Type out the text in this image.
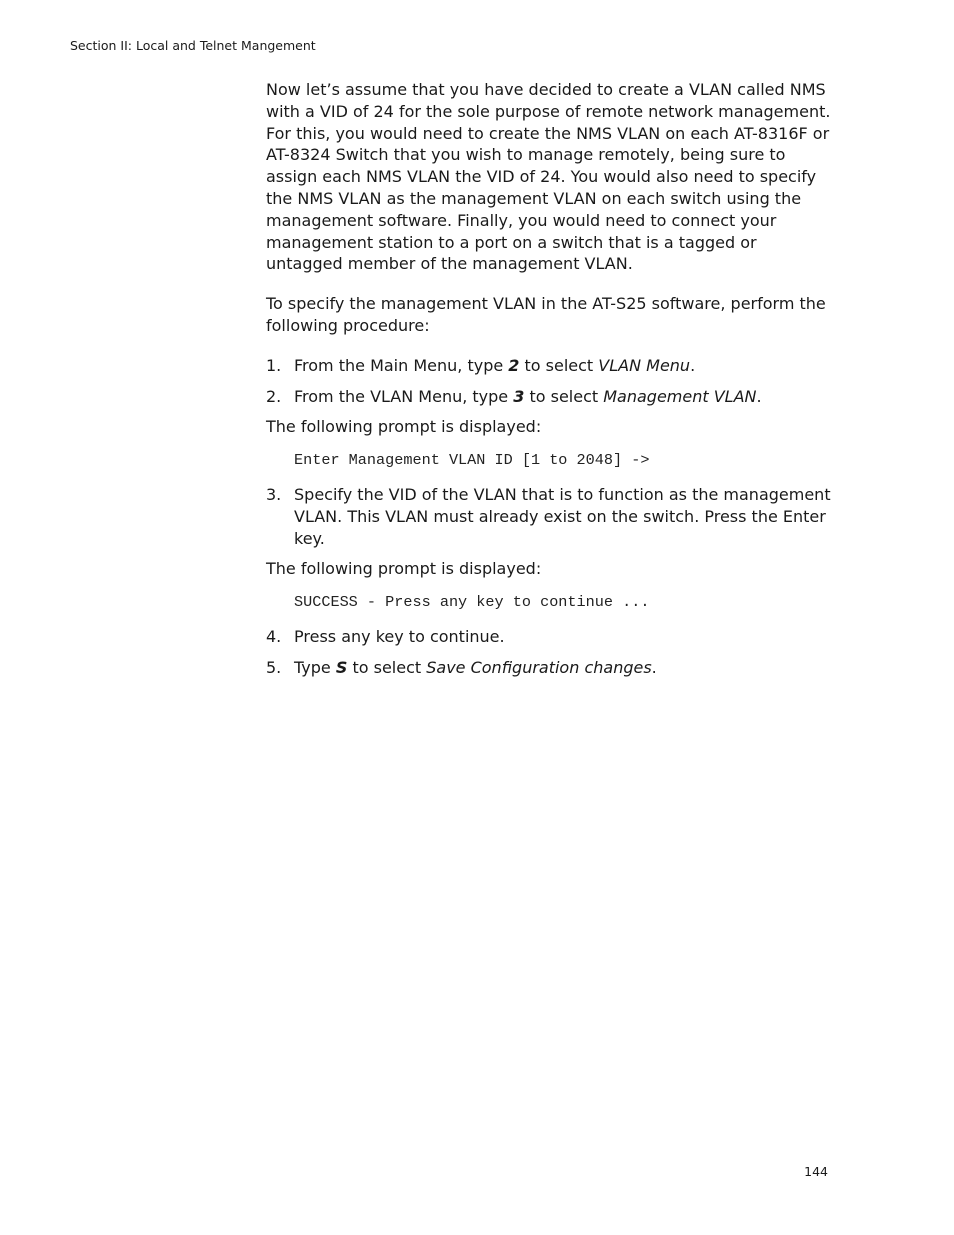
Section II: Local and Telnet Mangement

Now let’s assume that you have decided to create a VLAN called NMS with a VID of 24 for the sole purpose of remote network management. For this, you would need to create the NMS VLAN on each AT-8316F or AT-8324 Switch that you wish to manage remotely, being sure to assign each NMS VLAN the VID of 24. You would also need to specify the NMS VLAN as the management VLAN on each switch using the management software. Finally, you would need to connect your management station to a port on a switch that is a tagged or untagged member of the management VLAN.

To specify the management VLAN in the AT-S25 software, perform the following procedure:

1. From the Main Menu, type 2 to select VLAN Menu.
2. From the VLAN Menu, type 3 to select Management VLAN.

The following prompt is displayed:

Enter Management VLAN ID [1 to 2048] ->
3. Specify the VID of the VLAN that is to function as the management VLAN. This VLAN must already exist on the switch. Press the Enter key.

The following prompt is displayed:

SUCCESS - Press any key to continue ...
4. Press any key to continue.
5. Type S to select Save Configuration changes.
144
